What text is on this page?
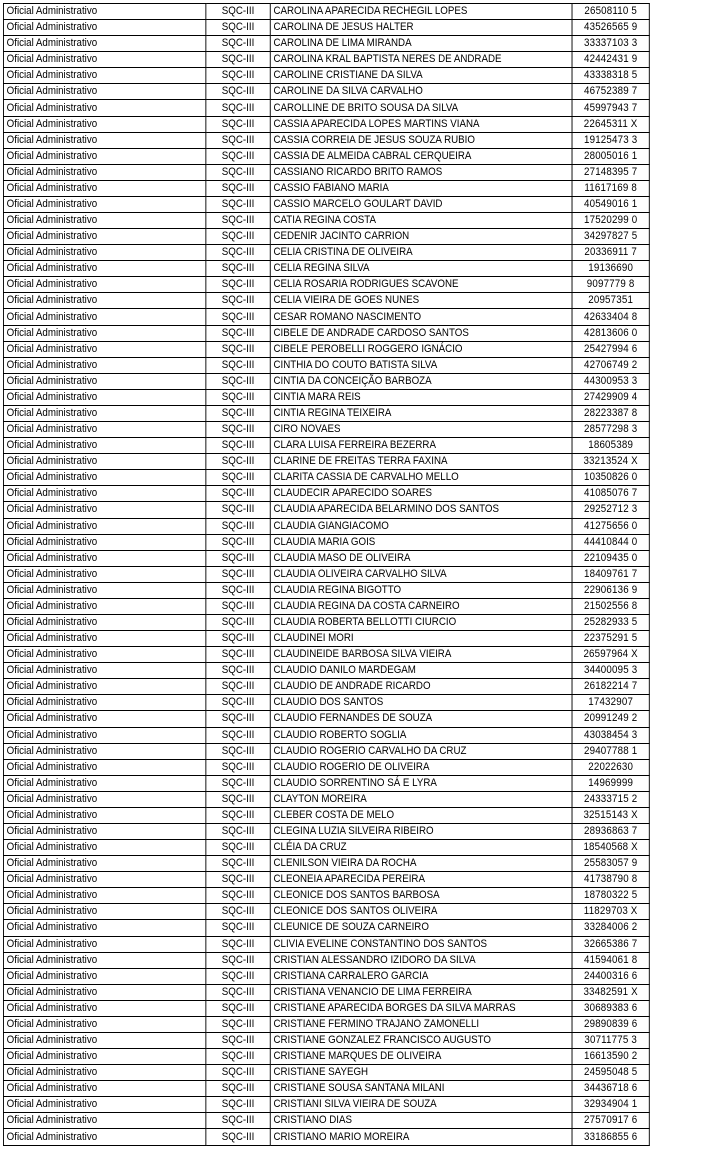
Oficial Administrativo	SQC-III	CAROLINA APARECIDA RECHEGIL LOPES	26508110 5
Oficial Administrativo	SQC-III	CAROLINA DE JESUS HALTER	43526565 9
Oficial Administrativo	SQC-III	CAROLINA DE LIMA MIRANDA	33337103 3
Oficial Administrativo	SQC-III	CAROLINA KRAL BAPTISTA NERES DE ANDRADE	42442431 9
Oficial Administrativo	SQC-III	CAROLINE CRISTIANE DA SILVA	43338318 5
Oficial Administrativo	SQC-III	CAROLINE DA SILVA CARVALHO	46752389 7
Oficial Administrativo	SQC-III	CAROLLINE DE BRITO SOUSA DA SILVA	45997943 7
Oficial Administrativo	SQC-III	CASSIA APARECIDA LOPES MARTINS VIANA	22645311 X
Oficial Administrativo	SQC-III	CASSIA CORREIA DE JESUS SOUZA RUBIO	19125473 3
Oficial Administrativo	SQC-III	CASSIA DE ALMEIDA CABRAL CERQUEIRA	28005016 1
Oficial Administrativo	SQC-III	CASSIANO RICARDO BRITO RAMOS	27148395 7
Oficial Administrativo	SQC-III	CASSIO FABIANO MARIA	11617169 8
Oficial Administrativo	SQC-III	CASSIO MARCELO GOULART DAVID	40549016 1
Oficial Administrativo	SQC-III	CATIA REGINA COSTA	17520299 0
Oficial Administrativo	SQC-III	CEDENIR JACINTO CARRION	34297827 5
Oficial Administrativo	SQC-III	CELIA CRISTINA DE OLIVEIRA	20336911 7
Oficial Administrativo	SQC-III	CELIA REGINA SILVA	19136690
Oficial Administrativo	SQC-III	CELIA ROSARIA RODRIGUES SCAVONE	9097779 8
Oficial Administrativo	SQC-III	CELIA VIEIRA DE GOES NUNES	20957351
Oficial Administrativo	SQC-III	CESAR ROMANO NASCIMENTO	42633404 8
Oficial Administrativo	SQC-III	CIBELE DE ANDRADE CARDOSO SANTOS	42813606 0
Oficial Administrativo	SQC-III	CIBELE PEROBELLI ROGGERO IGNÁCIO	25427994 6
Oficial Administrativo	SQC-III	CINTHIA DO COUTO BATISTA SILVA	42706749 2
Oficial Administrativo	SQC-III	CINTIA DA CONCEIÇÃO BARBOZA	44300953 3
Oficial Administrativo	SQC-III	CINTIA MARA REIS	27429909 4
Oficial Administrativo	SQC-III	CINTIA REGINA TEIXEIRA	28223387 8
Oficial Administrativo	SQC-III	CIRO NOVAES	28577298 3
Oficial Administrativo	SQC-III	CLARA LUISA FERREIRA BEZERRA	18605389
Oficial Administrativo	SQC-III	CLARINE DE FREITAS TERRA FAXINA	33213524 X
Oficial Administrativo	SQC-III	CLARITA CASSIA DE CARVALHO MELLO	10350826 0
Oficial Administrativo	SQC-III	CLAUDECIR APARECIDO SOARES	41085076 7
Oficial Administrativo	SQC-III	CLAUDIA APARECIDA BELARMINO DOS SANTOS	29252712 3
Oficial Administrativo	SQC-III	CLAUDIA GIANGIACOMO	41275656 0
Oficial Administrativo	SQC-III	CLAUDIA MARIA GOIS	44410844 0
Oficial Administrativo	SQC-III	CLAUDIA MASO DE OLIVEIRA	22109435 0
Oficial Administrativo	SQC-III	CLAUDIA OLIVEIRA CARVALHO SILVA	18409761 7
Oficial Administrativo	SQC-III	CLAUDIA REGINA BIGOTTO	22906136 9
Oficial Administrativo	SQC-III	CLAUDIA REGINA DA COSTA CARNEIRO	21502556 8
Oficial Administrativo	SQC-III	CLAUDIA ROBERTA BELLOTTI CIURCIO	25282933 5
Oficial Administrativo	SQC-III	CLAUDINEI MORI	22375291 5
Oficial Administrativo	SQC-III	CLAUDINEIDE BARBOSA SILVA VIEIRA	26597964 X
Oficial Administrativo	SQC-III	CLAUDIO DANILO MARDEGAM	34400095 3
Oficial Administrativo	SQC-III	CLAUDIO DE ANDRADE RICARDO	26182214 7
Oficial Administrativo	SQC-III	CLAUDIO DOS SANTOS	17432907
Oficial Administrativo	SQC-III	CLAUDIO FERNANDES DE SOUZA	20991249 2
Oficial Administrativo	SQC-III	CLAUDIO ROBERTO SOGLIA	43038454 3
Oficial Administrativo	SQC-III	CLAUDIO ROGERIO CARVALHO DA CRUZ	29407788 1
Oficial Administrativo	SQC-III	CLAUDIO ROGERIO DE OLIVEIRA	22022630
Oficial Administrativo	SQC-III	CLAUDIO SORRENTINO SÁ E LYRA	14969999
Oficial Administrativo	SQC-III	CLAYTON MOREIRA	24333715 2
Oficial Administrativo	SQC-III	CLEBER COSTA DE MELO	32515143 X
Oficial Administrativo	SQC-III	CLEGINA LUZIA SILVEIRA RIBEIRO	28936863 7
Oficial Administrativo	SQC-III	CLÉIA DA CRUZ	18540568 X
Oficial Administrativo	SQC-III	CLENILSON VIEIRA DA ROCHA	25583057 9
Oficial Administrativo	SQC-III	CLEONEIA APARECIDA PEREIRA	41738790 8
Oficial Administrativo	SQC-III	CLEONICE DOS SANTOS BARBOSA	18780322 5
Oficial Administrativo	SQC-III	CLEONICE DOS SANTOS OLIVEIRA	11829703 X
Oficial Administrativo	SQC-III	CLEUNICE DE SOUZA CARNEIRO	33284006 2
Oficial Administrativo	SQC-III	CLIVIA EVELINE CONSTANTINO DOS SANTOS	32665386 7
Oficial Administrativo	SQC-III	CRISTIAN ALESSANDRO IZIDORO DA SILVA	41594061 8
Oficial Administrativo	SQC-III	CRISTIANA CARRALERO GARCIA	24400316 6
Oficial Administrativo	SQC-III	CRISTIANA VENANCIO DE LIMA FERREIRA	33482591 X
Oficial Administrativo	SQC-III	CRISTIANE APARECIDA BORGES DA SILVA MARRAS	30689383 6
Oficial Administrativo	SQC-III	CRISTIANE FERMINO TRAJANO ZAMONELLI	29890839 6
Oficial Administrativo	SQC-III	CRISTIANE GONZALEZ FRANCISCO AUGUSTO	30711775 3
Oficial Administrativo	SQC-III	CRISTIANE MARQUES DE OLIVEIRA	16613590 2
Oficial Administrativo	SQC-III	CRISTIANE SAYEGH	24595048 5
Oficial Administrativo	SQC-III	CRISTIANE SOUSA SANTANA MILANI	34436718 6
Oficial Administrativo	SQC-III	CRISTIANI SILVA VIEIRA DE SOUZA	32934904 1
Oficial Administrativo	SQC-III	CRISTIANO DIAS	27570917 6
Oficial Administrativo	SQC-III	CRISTIANO MARIO MOREIRA	33186855 6
